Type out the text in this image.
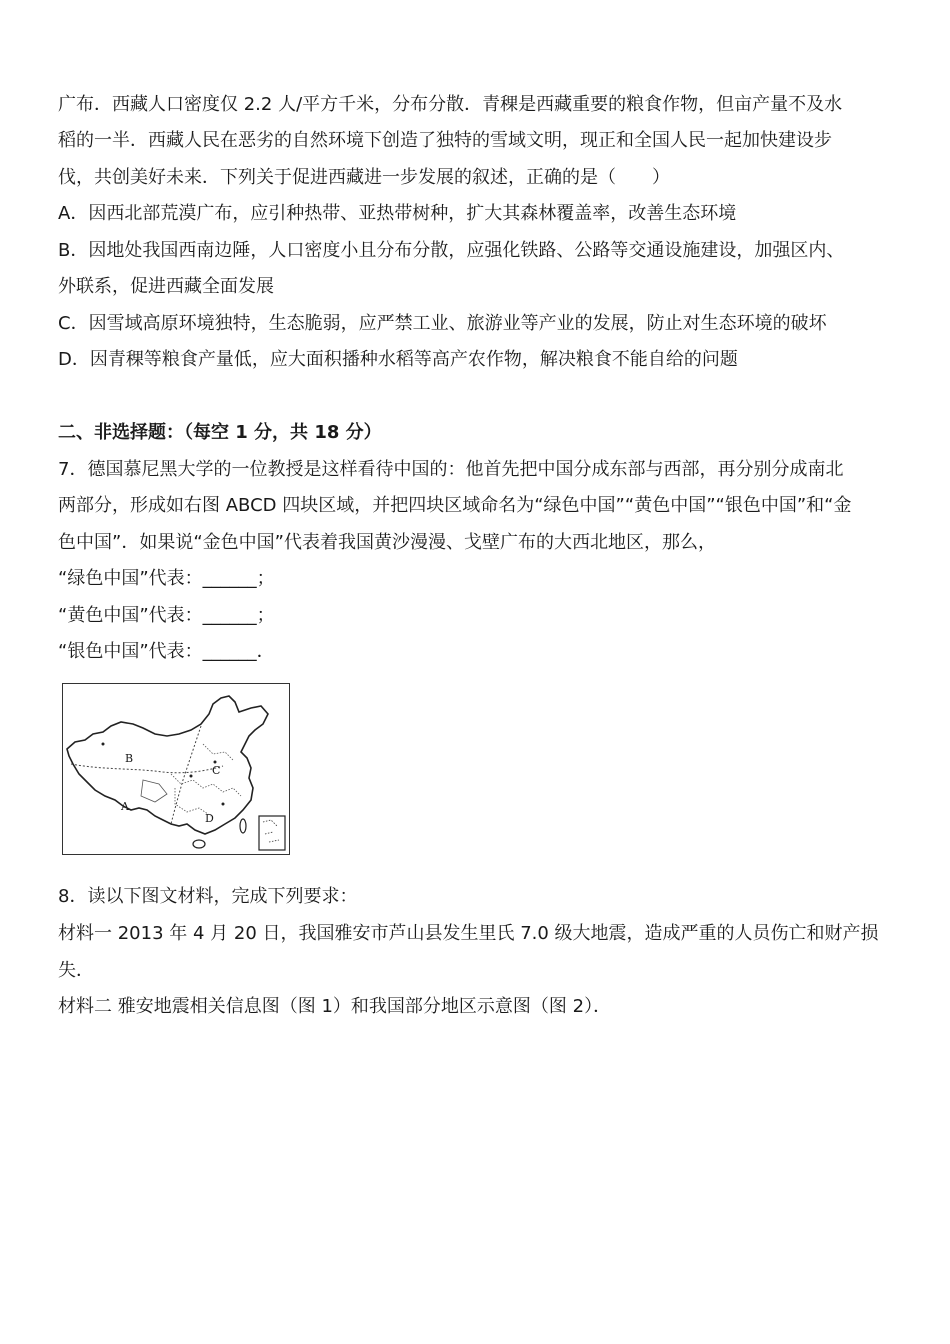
广布．西藏人口密度仅 2.2 人/平方千米，分布分散．青稞是西藏重要的粮食作物，但亩产量不及水
稻的一半．西藏人民在恶劣的自然环境下创造了独特的雪域文明，现正和全国人民一起加快建设步
伐，共创美好未来．下列关于促进西藏进一步发展的叙述，正确的是（　　）
A．因西北部荒漠广布，应引种热带、亚热带树种，扩大其森林覆盖率，改善生态环境
B．因地处我国西南边陲，人口密度小且分布分散，应强化铁路、公路等交通设施建设，加强区内、
外联系，促进西藏全面发展
C．因雪域高原环境独特，生态脆弱，应严禁工业、旅游业等产业的发展，防止对生态环境的破坏
D．因青稞等粮食产量低，应大面积播种水稻等高产农作物，解决粮食不能自给的问题
二、非选择题：（每空 1 分，共 18 分）
7．德国慕尼黑大学的一位教授是这样看待中国的：他首先把中国分成东部与西部，再分别分成南北
两部分，形成如右图 ABCD 四块区域，并把四块区域命名为“绿色中国”“黄色中国”“银色中国”和“金
色中国”．如果说“金色中国”代表着我国黄沙漫漫、戈壁广布的大西北地区，那么，
“绿色中国”代表：______；
“黄色中国”代表：______；
“银色中国”代表：______．
A
B
C
D
8．读以下图文材料，完成下列要求：
材料一 2013 年 4 月 20 日，我国雅安市芦山县发生里氏 7.0 级大地震，造成严重的人员伤亡和财产损
失．
材料二 雅安地震相关信息图（图 1）和我国部分地区示意图（图 2）．
